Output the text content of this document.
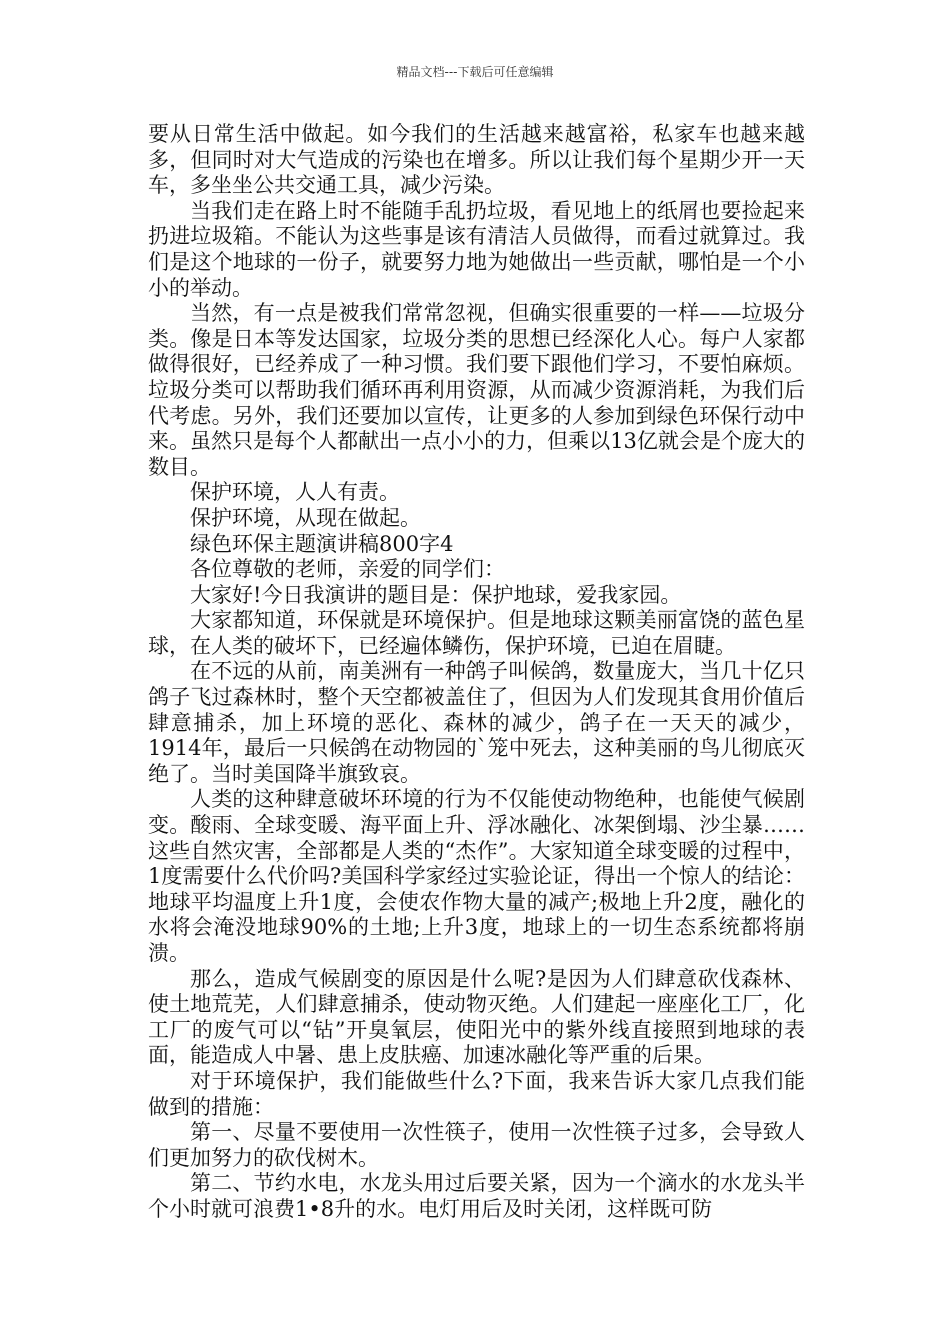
精品文档---下载后可任意编辑

要从日常生活中做起。如今我们的生活越来越富裕，私家车也越来越多，但同时对大气造成的污染也在增多。所以让我们每个星期少开一天车，多坐坐公共交通工具，减少污染。

当我们走在路上时不能随手乱扔垃圾，看见地上的纸屑也要捡起来扔进垃圾箱。不能认为这些事是该有清洁人员做得，而看过就算过。我们是这个地球的一份子，就要努力地为她做出一些贡献，哪怕是一个小小的举动。

当然，有一点是被我们常常忽视，但确实很重要的一样——垃圾分类。像是日本等发达国家，垃圾分类的思想已经深化人心。每户人家都做得很好，已经养成了一种习惯。我们要下跟他们学习，不要怕麻烦。垃圾分类可以帮助我们循环再利用资源，从而减少资源消耗，为我们后代考虑。另外，我们还要加以宣传，让更多的人参加到绿色环保行动中来。虽然只是每个人都献出一点小小的力，但乘以13亿就会是个庞大的数目。

保护环境，人人有责。

保护环境，从现在做起。

绿色环保主题演讲稿800字4

各位尊敬的老师，亲爱的同学们：

大家好!今日我演讲的题目是：保护地球，爱我家园。

大家都知道，环保就是环境保护。但是地球这颗美丽富饶的蓝色星球，在人类的破坏下，已经遍体鳞伤，保护环境，已迫在眉睫。

在不远的从前，南美洲有一种鸽子叫候鸽，数量庞大，当几十亿只鸽子飞过森林时，整个天空都被盖住了，但因为人们发现其食用价值后肆意捕杀，加上环境的恶化、森林的减少，鸽子在一天天的减少，1914年，最后一只候鸽在动物园的ˋ笼中死去，这种美丽的鸟儿彻底灭绝了。当时美国降半旗致哀。

人类的这种肆意破坏环境的行为不仅能使动物绝种，也能使气候剧变。酸雨、全球变暖、海平面上升、浮冰融化、冰架倒塌、沙尘暴……这些自然灾害，全部都是人类的“杰作”。大家知道全球变暖的过程中，1度需要什么代价吗?美国科学家经过实验论证，得出一个惊人的结论：地球平均温度上升1度，会使农作物大量的减产;极地上升2度，融化的水将会淹没地球90%的土地;上升3度，地球上的一切生态系统都将崩溃。

那么，造成气候剧变的原因是什么呢?是因为人们肆意砍伐森林、使土地荒芜，人们肆意捕杀，使动物灭绝。人们建起一座座化工厂，化工厂的废气可以“钻”开臭氧层，使阳光中的紫外线直接照到地球的表面，能造成人中暑、患上皮肤癌、加速冰融化等严重的后果。

对于环境保护，我们能做些什么?下面，我来告诉大家几点我们能做到的措施：

第一、尽量不要使用一次性筷子，使用一次性筷子过多，会导致人们更加努力的砍伐树木。

第二、节约水电，水龙头用过后要关紧，因为一个滴水的水龙头半个小时就可浪费1•8升的水。电灯用后及时关闭，这样既可防
